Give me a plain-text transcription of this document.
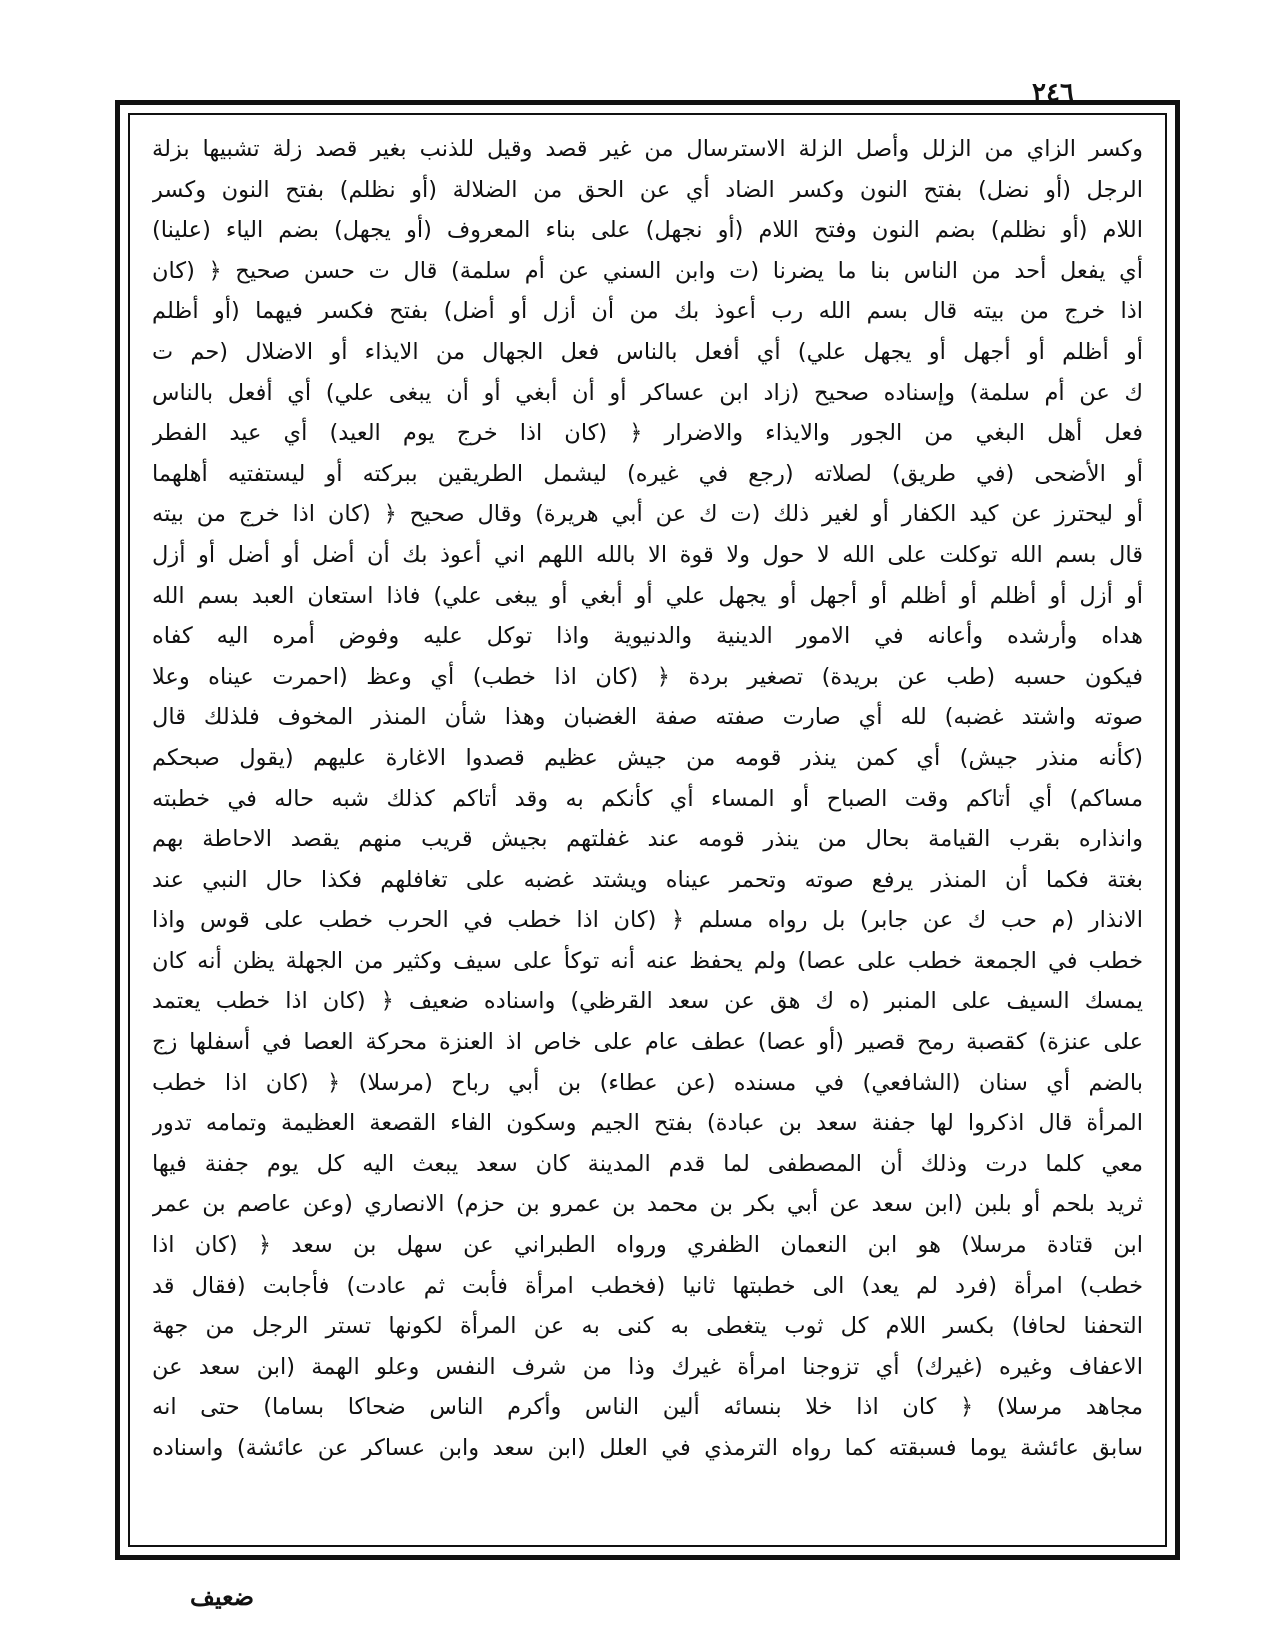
٢٤٦
وكسر الزاي من الزلل وأصل الزلة الاسترسال من غير قصد وقيل للذنب بغير قصد زلة تشبيها بزلة
الرجل (أو نضل) بفتح النون وكسر الضاد أي عن الحق من الضلالة (أو نظلم) بفتح النون وكسر
اللام (أو نظلم) بضم النون وفتح اللام (أو نجهل) على بناء المعروف (أو يجهل) بضم الياء (علينا)
أي يفعل أحد من الناس بنا ما يضرنا (ت وابن السني عن أم سلمة) قال ت حسن صحيح ﴿ (كان
اذا خرج من بيته قال بسم الله رب أعوذ بك من أن أزل أو أضل) بفتح فكسر فيهما (أو أظلم
أو أظلم أو أجهل أو يجهل علي) أي أفعل بالناس فعل الجهال من الايذاء أو الاضلال (حم ت
ك عن أم سلمة) وإسناده صحيح (زاد ابن عساكر أو أن أبغي أو أن يبغى علي) أي أفعل بالناس
فعل أهل البغي من الجور والايذاء والاضرار ﴿ (كان اذا خرج يوم العيد) أي عيد الفطر
أو الأضحى (في طريق) لصلاته (رجع في غيره) ليشمل الطريقين ببركته أو ليستفتيه أهلهما
أو ليحترز عن كيد الكفار أو لغير ذلك (ت ك عن أبي هريرة) وقال صحيح ﴿ (كان اذا خرج من بيته
قال بسم الله توكلت على الله لا حول ولا قوة الا بالله اللهم اني أعوذ بك أن أضل أو أضل أو أزل
أو أزل أو أظلم أو أظلم أو أجهل أو يجهل علي أو أبغي أو يبغى علي) فاذا استعان العبد بسم الله
هداه وأرشده وأعانه في الامور الدينية والدنيوية واذا توكل عليه وفوض أمره اليه كفاه
فيكون حسبه (طب عن بريدة) تصغير بردة ﴿ (كان اذا خطب) أي وعظ (احمرت عيناه وعلا
صوته واشتد غضبه) لله أي صارت صفته صفة الغضبان وهذا شأن المنذر المخوف فلذلك قال
(كأنه منذر جيش) أي كمن ينذر قومه من جيش عظيم قصدوا الاغارة عليهم (يقول صبحكم
مساكم) أي أتاكم وقت الصباح أو المساء أي كأنكم به وقد أتاكم كذلك شبه حاله في خطبته
وانذاره بقرب القيامة بحال من ينذر قومه عند غفلتهم بجيش قريب منهم يقصد الاحاطة بهم
بغتة فكما أن المنذر يرفع صوته وتحمر عيناه ويشتد غضبه على تغافلهم فكذا حال النبي عند
الانذار (م حب ك عن جابر) بل رواه مسلم ﴿ (كان اذا خطب في الحرب خطب على قوس واذا
خطب في الجمعة خطب على عصا) ولم يحفظ عنه أنه توكأ على سيف وكثير من الجهلة يظن أنه كان
يمسك السيف على المنبر (ه ك هق عن سعد القرظي) واسناده ضعيف ﴿ (كان اذا خطب يعتمد
على عنزة) كقصبة رمح قصير (أو عصا) عطف عام على خاص اذ العنزة محركة العصا في أسفلها زج
بالضم أي سنان (الشافعي) في مسنده (عن عطاء) بن أبي رباح (مرسلا) ﴿ (كان اذا خطب
المرأة قال اذكروا لها جفنة سعد بن عبادة) بفتح الجيم وسكون الفاء القصعة العظيمة وتمامه تدور
معي كلما درت وذلك أن المصطفى لما قدم المدينة كان سعد يبعث اليه كل يوم جفنة فيها
ثريد بلحم أو بلبن (ابن سعد عن أبي بكر بن محمد بن عمرو بن حزم) الانصاري (وعن عاصم بن عمر
ابن قتادة مرسلا) هو ابن النعمان الظفري ورواه الطبراني عن سهل بن سعد ﴿ (كان اذا
خطب) امرأة (فرد لم يعد) الى خطبتها ثانيا (فخطب امرأة فأبت ثم عادت) فأجابت (فقال قد
التحفنا لحافا) بكسر اللام كل ثوب يتغطى به كنى به عن المرأة لكونها تستر الرجل من جهة
الاعفاف وغيره (غيرك) أي تزوجنا امرأة غيرك وذا من شرف النفس وعلو الهمة (ابن سعد عن
مجاهد مرسلا) ﴿ كان اذا خلا بنسائه ألين الناس وأكرم الناس ضحاكا بساما) حتى انه
سابق عائشة يوما فسبقته كما رواه الترمذي في العلل (ابن سعد وابن عساكر عن عائشة) واسناده
ضعيف
